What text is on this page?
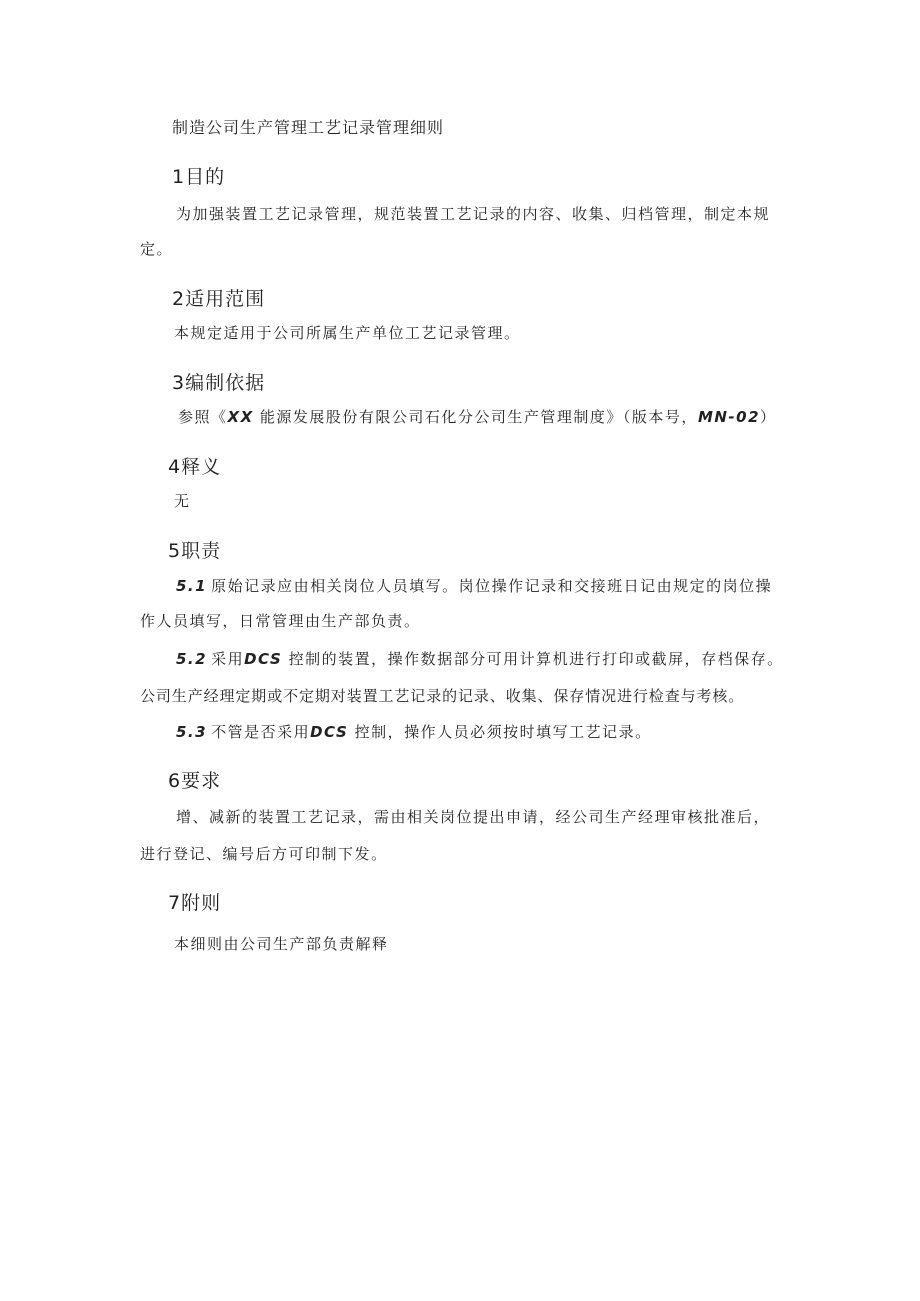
制造公司生产管理工艺记录管理细则
1目的
为加强装置工艺记录管理，规范装置工艺记录的内容、收集、归档管理，制定本规
定。
2适用范围
本规定适用于公司所属生产单位工艺记录管理。
3编制依据
参照《XX 能源发展股份有限公司石化分公司生产管理制度》（版本号，MN-02）
4释义
无
5职责
5.1 原始记录应由相关岗位人员填写。岗位操作记录和交接班日记由规定的岗位操
作人员填写，日常管理由生产部负责。
5.2 采用DCS 控制的装置，操作数据部分可用计算机进行打印或截屏，存档保存。
公司生产经理定期或不定期对装置工艺记录的记录、收集、保存情况进行检查与考核。
5.3 不管是否采用DCS 控制，操作人员必须按时填写工艺记录。
6要求
增、减新的装置工艺记录，需由相关岗位提出申请，经公司生产经理审核批准后，
进行登记、编号后方可印制下发。
7附则
本细则由公司生产部负责解释
